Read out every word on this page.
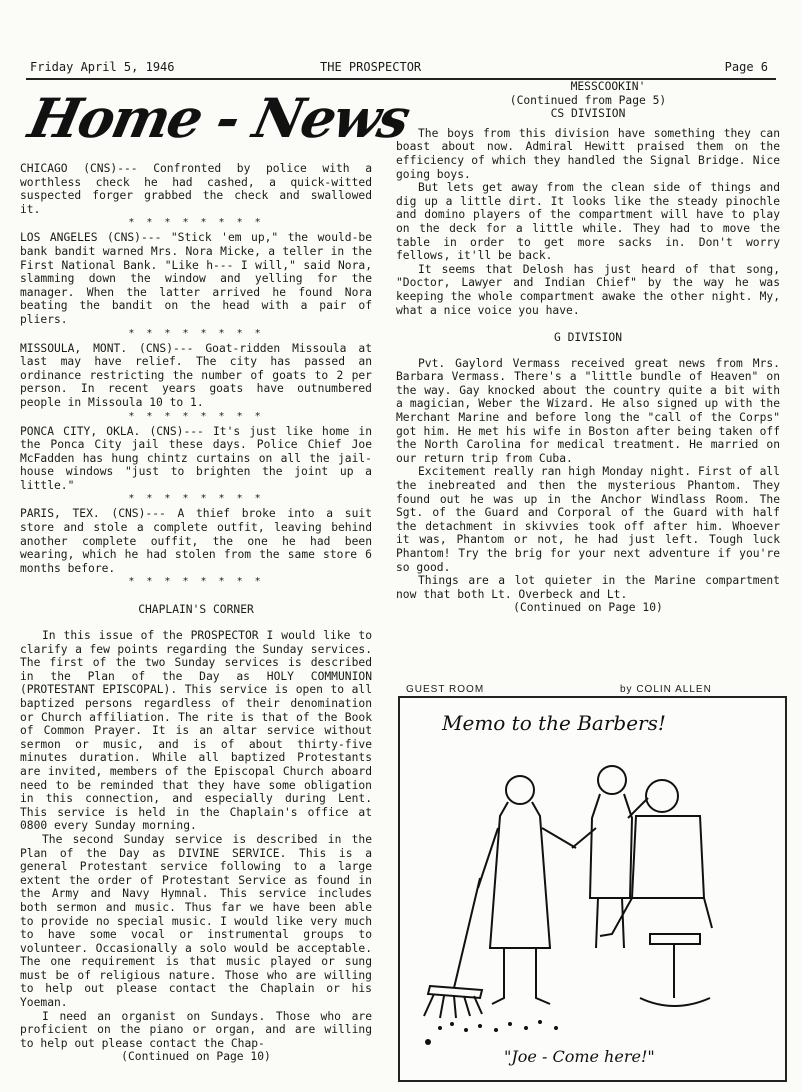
Friday April 5, 1946	THE PROSPECTOR	Page 6
Home - News

CHICAGO (CNS)--- Confronted by police with a worthless check he had cashed, a quick-witted suspected forger grabbed the check and swallowed it.

* * * * * * * *

LOS ANGELES (CNS)--- "Stick 'em up," the would-be bank bandit warned Mrs. Nora Micke, a teller in the First National Bank. "Like h--- I will," said Nora, slamming down the window and yelling for the manager. When the latter arrived he found Nora beating the bandit on the head with a pair of pliers.

* * * * * * * *

MISSOULA, MONT. (CNS)--- Goat-ridden Missoula at last may have relief. The city has passed an ordinance restricting the number of goats to 2 per person. In recent years goats have outnumbered people in Missoula 10 to 1.

* * * * * * * *

PONCA CITY, OKLA. (CNS)--- It's just like home in the Ponca City jail these days. Police Chief Joe McFadden has hung chintz curtains on all the jail-house windows "just to brighten the joint up a little."

* * * * * * * *

PARIS, TEX. (CNS)--- A thief broke into a suit store and stole a complete outfit, leaving behind another complete ouffit, the one he had been wearing, which he had stolen from the same store 6 months before.

* * * * * * * *
CHAPLAIN'S CORNER

In this issue of the PROSPECTOR I would like to clarify a few points regarding the Sunday services. The first of the two Sunday services is described in the Plan of the Day as HOLY COMMUNION (PROTESTANT EPISCOPAL). This service is open to all baptized persons regardless of their denomination or Church affiliation. The rite is that of the Book of Common Prayer. It is an altar service without sermon or music, and is of about thirty-five minutes duration. While all baptized Protestants are invited, members of the Episcopal Church aboard need to be reminded that they have some obligation in this connection, and especially during Lent. This service is held in the Chaplain's office at 0800 every Sunday morning.

The second Sunday service is described in the Plan of the Day as DIVINE SERVICE. This is a general Protestant service following to a large extent the order of Protestant Service as found in the Army and Navy Hymnal. This service includes both sermon and music. Thus far we have been able to provide no special music. I would like very much to have some vocal or instrumental groups to volunteer. Occasionally a solo would be acceptable. The one requirement is that music played or sung must be of religious nature. Those who are willing to help out please contact the Chaplain or his Yoeman.

I need an organist on Sundays. Those who are proficient on the piano or organ, and are willing to help out please contact the Chap-

(Continued on Page 10)
MESSCOOKIN'
(Continued from Page 5)
CS DIVISION

The boys from this division have something they can boast about now. Admiral Hewitt praised them on the efficiency of which they handled the Signal Bridge. Nice going boys.

But lets get away from the clean side of things and dig up a little dirt. It looks like the steady pinochle and domino players of the compartment will have to play on the deck for a little while. They had to move the table in order to get more sacks in. Don't worry fellows, it'll be back.

It seems that Delosh has just heard of that song, "Doctor, Lawyer and Indian Chief" by the way he was keeping the whole compartment awake the other night. My, what a nice voice you have.

G DIVISION

Pvt. Gaylord Vermass received great news from Mrs. Barbara Vermass. There's a "little bundle of Heaven" on the way. Gay knocked about the country quite a bit with a magician, Weber the Wizard. He also signed up with the Merchant Marine and before long the "call of the Corps" got him. He met his wife in Boston after being taken off the North Carolina for medical treatment. He married on our return trip from Cuba.

Excitement really ran high Monday night. First of all the inebreated and then the mysterious Phantom. They found out he was up in the Anchor Windlass Room. The Sgt. of the Guard and Corporal of the Guard with half the detachment in skivvies took off after him. Whoever it was, Phantom or not, he had just left. Tough luck Phantom! Try the brig for your next adventure if you're so good.

Things are a lot quieter in the Marine compartment now that both Lt. Overbeck and Lt.

(Continued on Page 10)
GUEST ROOM	by COLIN ALLEN
Memo to the Barbers!
"Joe - Come here!"
